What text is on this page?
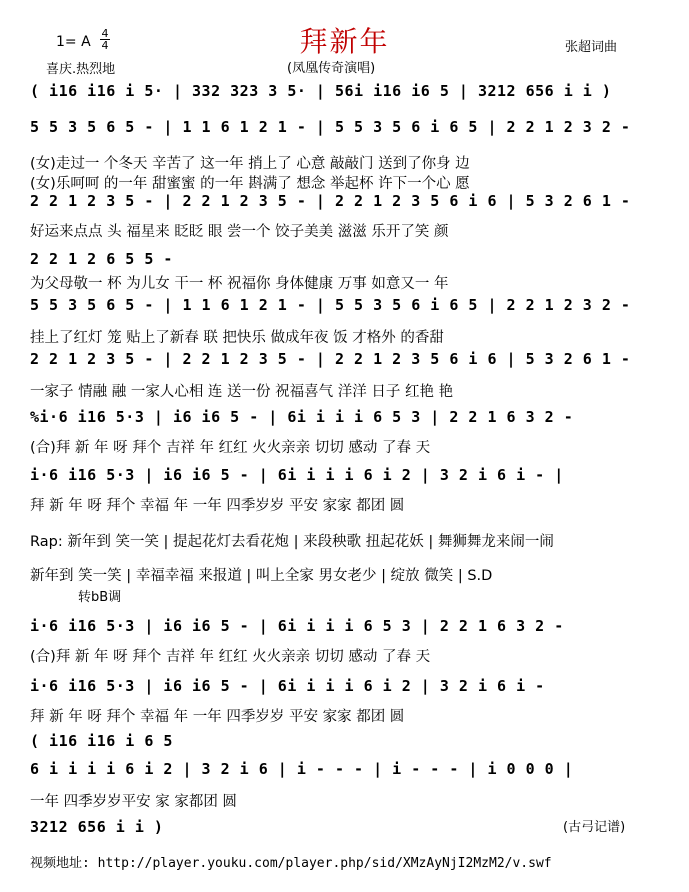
拜新年
1= A $\frac{4}{4}$
喜庆.热烈地	(凤凰传奇演唱)
张超词曲
( i16 i16 i 5· | 332 323 3 5· | 56i i16 i6 5 | 3212 656 i i )
5 5 3 5 6 5 - | 1 1 6 1 2 1 - | 5 5 3 5 6 i 6 5 | 2 2 1 2 3 2 -
(女)走过一 个冬天 辛苦了 这一年 捎上了 心意 敲敲门 送到了你身 边
(女)乐呵呵 的一年 甜蜜蜜 的一年 斟满了 想念 举起杯 许下一个心 愿
2 2 1 2 3 5 - | 2 2 1 2 3 5 - | 2 2 1 2 3 5 6 i 6 | 5 3 2 6 1 -
好运来点点 头 福星来 眨眨 眼 尝一个 饺子美美 滋滋 乐开了笑 颜
2 2 1 2 6 5 5 -
为父母敬一 杯 为儿女 干一 杯 祝福你 身体健康 万事 如意又一 年
5 5 3 5 6 5 - | 1 1 6 1 2 1 - | 5 5 3 5 6 i 6 5 | 2 2 1 2 3 2 -
挂上了红灯 笼 贴上了新春 联 把快乐 做成年夜 饭 才格外 的香甜
2 2 1 2 3 5 - | 2 2 1 2 3 5 - | 2 2 1 2 3 5 6 i 6 | 5 3 2 6 1 -
一家子 情融 融 一家人心相 连 送一份 祝福喜气 洋洋 日子 红艳 艳
%i·6 i16 5·3 | i6 i6 5 - | 6i i i i 6 5 3 | 2 2 1 6 3 2 -
(合)拜 新 年 呀 拜个 吉祥 年 红红 火火亲亲 切切 感动 了春 天
i·6 i16 5·3 | i6 i6 5 - | 6i i i i 6 i 2 | 3 2 i 6 i - |
拜 新 年 呀 拜个 幸福 年 一年 四季岁岁 平安 家家 都团 圆
Rap: 新年到 笑一笑 | 提起花灯去看花炮 | 来段秧歌 扭起花妖 | 舞狮舞龙来闹一闹
新年到 笑一笑 | 幸福幸福 来报道 | 叫上全家 男女老少 | 绽放 微笑 | S.D
转bB调
i·6 i16 5·3 | i6 i6 5 - | 6i i i i 6 5 3 | 2 2 1 6 3 2 -
(合)拜 新 年 呀 拜个 吉祥 年 红红 火火亲亲 切切 感动 了春 天
i·6 i16 5·3 | i6 i6 5 - | 6i i i i 6 i 2 | 3 2 i 6 i -
拜 新 年 呀 拜个 幸福 年 一年 四季岁岁 平安 家家 都团 圆
( i16 i16 i 6 5
6 i i i i 6 i 2 | 3 2 i 6 | i - - - | i - - - | i 0 0 0 |
一年 四季岁岁平安 家 家都团 圆
3212 656 i i )	(古弓记谱)
视频地址: http://player.youku.com/player.php/sid/XMzAyNjI2MzM2/v.swf
